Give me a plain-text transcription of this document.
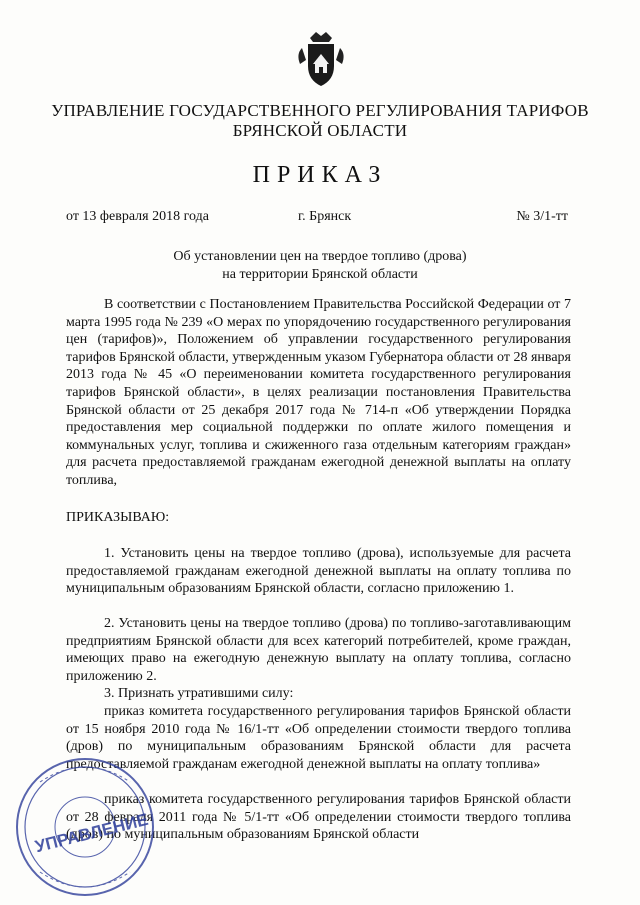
УПРАВЛЕНИЕ ГОСУДАРСТВЕННОГО РЕГУЛИРОВАНИЯ ТАРИФОВ
БРЯНСКОЙ ОБЛАСТИ
ПРИКАЗ
от 13 февраля 2018 года	г. Брянск	№ 3/1-тт
Об установлении цен на твердое топливо (дрова)
на территории Брянской области

В соответствии с Постановлением Правительства Российской Федерации от 7 марта 1995 года № 239 «О мерах по упорядочению государственного регулирования цен (тарифов)», Положением об управлении государственного регулирования тарифов Брянской области, утвержденным указом Губернатора области от 28 января 2013 года № 45 «О переименовании комитета государственного регулирования тарифов Брянской области», в целях реализации постановления Правительства Брянской области от 25 декабря 2017 года № 714-п «Об утверждении Порядка предоставления мер социальной поддержки по оплате жилого помещения и коммунальных услуг, топлива и сжиженного газа отдельным категориям граждан» для расчета предоставляемой гражданам ежегодной денежной выплаты на оплату топлива,

ПРИКАЗЫВАЮ:

1. Установить цены на твердое топливо (дрова), используемые для расчета предоставляемой гражданам ежегодной денежной выплаты на оплату топлива по муниципальным образованиям Брянской области, согласно приложению 1.

2. Установить цены на твердое топливо (дрова) по топливо-заготавливающим предприятиям Брянской области для всех категорий потребителей, кроме граждан, имеющих право на ежегодную денежную выплату на оплату топлива, согласно приложению 2.

3. Признать утратившими силу:

приказ комитета государственного регулирования тарифов Брянской области от 15 ноября 2010 года № 16/1-тт «Об определении стоимости твердого топлива (дров) по муниципальным образованиям Брянской области для расчета предоставляемой гражданам ежегодной денежной выплаты на оплату топлива»

приказ комитета государственного регулирования тарифов Брянской области от 28 февраля 2011 года № 5/1-тт «Об определении стоимости твердого топлива (дров) по муниципальным образованиям Брянской области

УПРАВЛЕНИЕ
